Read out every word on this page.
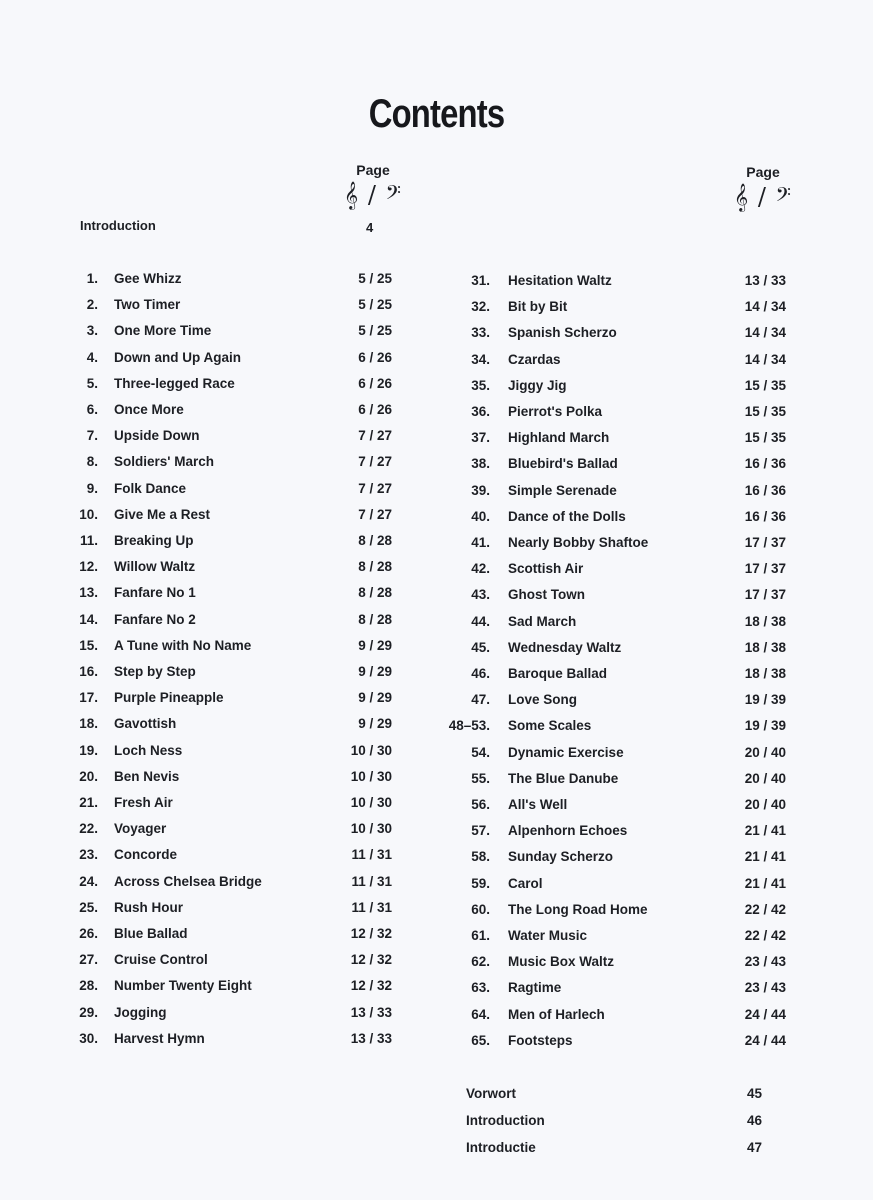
Contents
Page
𝄞 / 𝄢
Page
𝄞 / 𝄢
Introduction	4
1. Gee Whizz	5 / 25
2. Two Timer	5 / 25
3. One More Time	5 / 25
4. Down and Up Again	6 / 26
5. Three-legged Race	6 / 26
6. Once More	6 / 26
7. Upside Down	7 / 27
8. Soldiers' March	7 / 27
9. Folk Dance	7 / 27
10. Give Me a Rest	7 / 27
11. Breaking Up	8 / 28
12. Willow Waltz	8 / 28
13. Fanfare No 1	8 / 28
14. Fanfare No 2	8 / 28
15. A Tune with No Name	9 / 29
16. Step by Step	9 / 29
17. Purple Pineapple	9 / 29
18. Gavottish	9 / 29
19. Loch Ness	10 / 30
20. Ben Nevis	10 / 30
21. Fresh Air	10 / 30
22. Voyager	10 / 30
23. Concorde	11 / 31
24. Across Chelsea Bridge	11 / 31
25. Rush Hour	11 / 31
26. Blue Ballad	12 / 32
27. Cruise Control	12 / 32
28. Number Twenty Eight	12 / 32
29. Jogging	13 / 33
30. Harvest Hymn	13 / 33
31. Hesitation Waltz	13 / 33
32. Bit by Bit	14 / 34
33. Spanish Scherzo	14 / 34
34. Czardas	14 / 34
35. Jiggy Jig	15 / 35
36. Pierrot's Polka	15 / 35
37. Highland March	15 / 35
38. Bluebird's Ballad	16 / 36
39. Simple Serenade	16 / 36
40. Dance of the Dolls	16 / 36
41. Nearly Bobby Shaftoe	17 / 37
42. Scottish Air	17 / 37
43. Ghost Town	17 / 37
44. Sad March	18 / 38
45. Wednesday Waltz	18 / 38
46. Baroque Ballad	18 / 38
47. Love Song	19 / 39
48–53. Some Scales	19 / 39
54. Dynamic Exercise	20 / 40
55. The Blue Danube	20 / 40
56. All's Well	20 / 40
57. Alpenhorn Echoes	21 / 41
58. Sunday Scherzo	21 / 41
59. Carol	21 / 41
60. The Long Road Home	22 / 42
61. Water Music	22 / 42
62. Music Box Waltz	23 / 43
63. Ragtime	23 / 43
64. Men of Harlech	24 / 44
65. Footsteps	24 / 44
Vorwort	45
Introduction	46
Introductie	47
